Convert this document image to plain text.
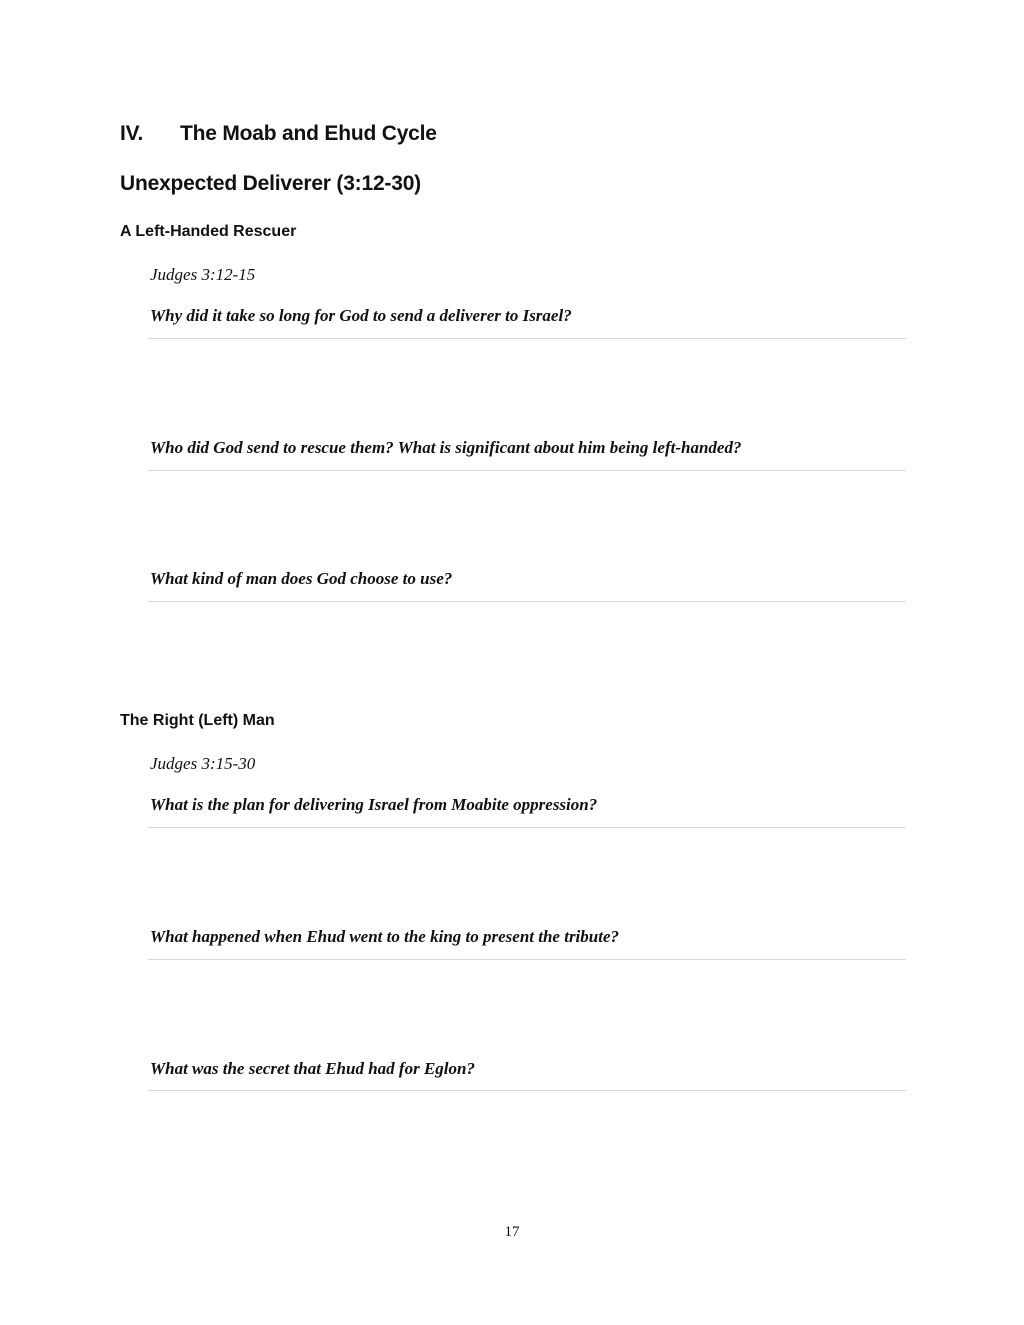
IV. The Moab and Ehud Cycle
Unexpected Deliverer (3:12-30)
A Left-Handed Rescuer

Judges 3:12-15

Why did it take so long for God to send a deliverer to Israel?

Who did God send to rescue them? What is significant about him being left-handed?

What kind of man does God choose to use?

The Right (Left) Man

Judges 3:15-30

What is the plan for delivering Israel from Moabite oppression?

What happened when Ehud went to the king to present the tribute?

What was the secret that Ehud had for Eglon?

17
